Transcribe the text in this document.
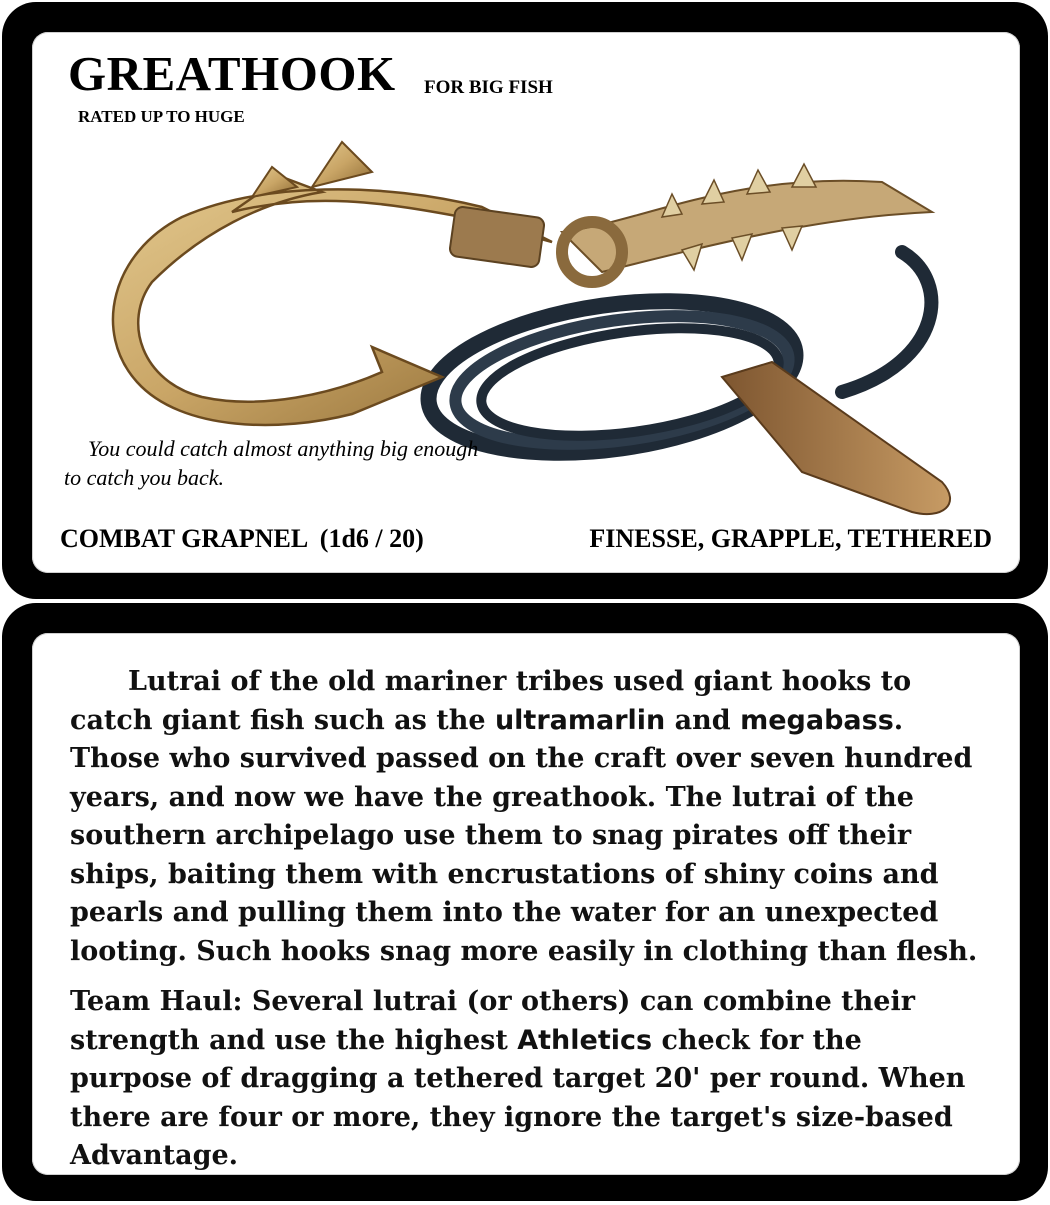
GREATHOOK FOR BIG FISH
RATED UP TO HUGE
You could catch almost anything big enough to catch you back.
COMBAT GRAPNEL  (1d6 / 20)	FINESSE, GRAPPLE, TETHERED

Lutrai of the old mariner tribes used giant hooks to catch giant fish such as the ultramarlin and megabass. Those who survived passed on the craft over seven hundred years, and now we have the greathook. The lutrai of the southern archipelago use them to snag pirates off their ships, baiting them with encrustations of shiny coins and pearls and pulling them into the water for an unexpected looting. Such hooks snag more easily in clothing than flesh.

Team Haul: Several lutrai (or others) can combine their strength and use the highest Athletics check for the purpose of dragging a tethered target 20' per round. When there are four or more, they ignore the target's size-based Advantage.
